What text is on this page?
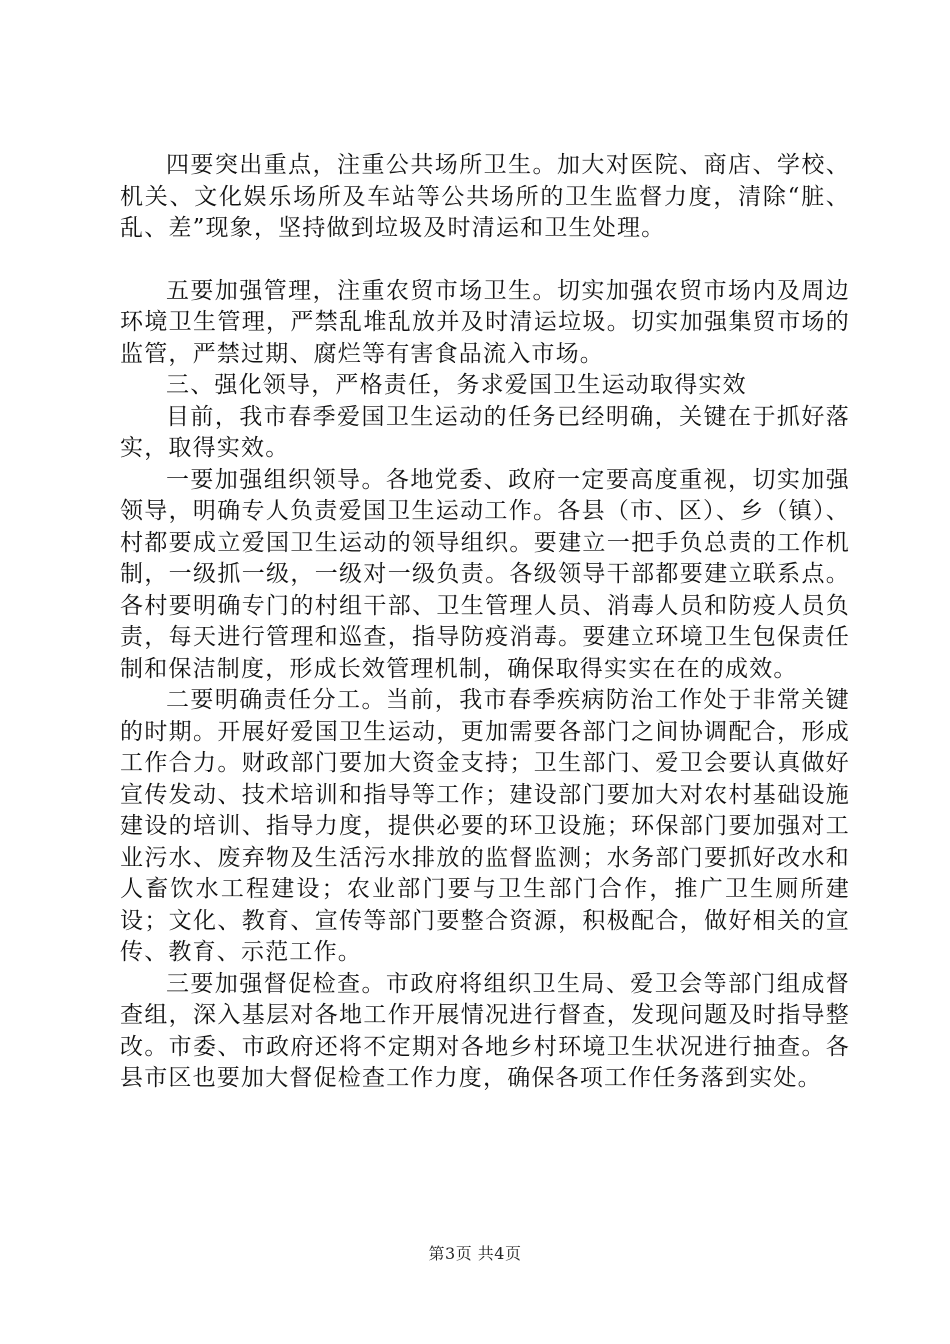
四要突出重点，注重公共场所卫生。加大对医院、商店、学校、机关、文化娱乐场所及车站等公共场所的卫生监督力度，清除“脏、乱、差”现象，坚持做到垃圾及时清运和卫生处理。

五要加强管理，注重农贸市场卫生。切实加强农贸市场内及周边环境卫生管理，严禁乱堆乱放并及时清运垃圾。切实加强集贸市场的监管，严禁过期、腐烂等有害食品流入市场。

三、强化领导，严格责任，务求爱国卫生运动取得实效

目前，我市春季爱国卫生运动的任务已经明确，关键在于抓好落实，取得实效。

一要加强组织领导。各地党委、政府一定要高度重视，切实加强领导，明确专人负责爱国卫生运动工作。各县（市、区）、乡（镇）、村都要成立爱国卫生运动的领导组织。要建立一把手负总责的工作机制，一级抓一级，一级对一级负责。各级领导干部都要建立联系点。各村要明确专门的村组干部、卫生管理人员、消毒人员和防疫人员负责，每天进行管理和巡查，指导防疫消毒。要建立环境卫生包保责任制和保洁制度，形成长效管理机制，确保取得实实在在的成效。

二要明确责任分工。当前，我市春季疾病防治工作处于非常关键的时期。开展好爱国卫生运动，更加需要各部门之间协调配合，形成工作合力。财政部门要加大资金支持；卫生部门、爱卫会要认真做好宣传发动、技术培训和指导等工作；建设部门要加大对农村基础设施建设的培训、指导力度，提供必要的环卫设施；环保部门要加强对工业污水、废弃物及生活污水排放的监督监测；水务部门要抓好改水和人畜饮水工程建设；农业部门要与卫生部门合作，推广卫生厕所建设；文化、教育、宣传等部门要整合资源，积极配合，做好相关的宣传、教育、示范工作。

三要加强督促检查。市政府将组织卫生局、爱卫会等部门组成督查组，深入基层对各地工作开展情况进行督查，发现问题及时指导整改。市委、市政府还将不定期对各地乡村环境卫生状况进行抽查。各县市区也要加大督促检查工作力度，确保各项工作任务落到实处。

第3页 共4页
